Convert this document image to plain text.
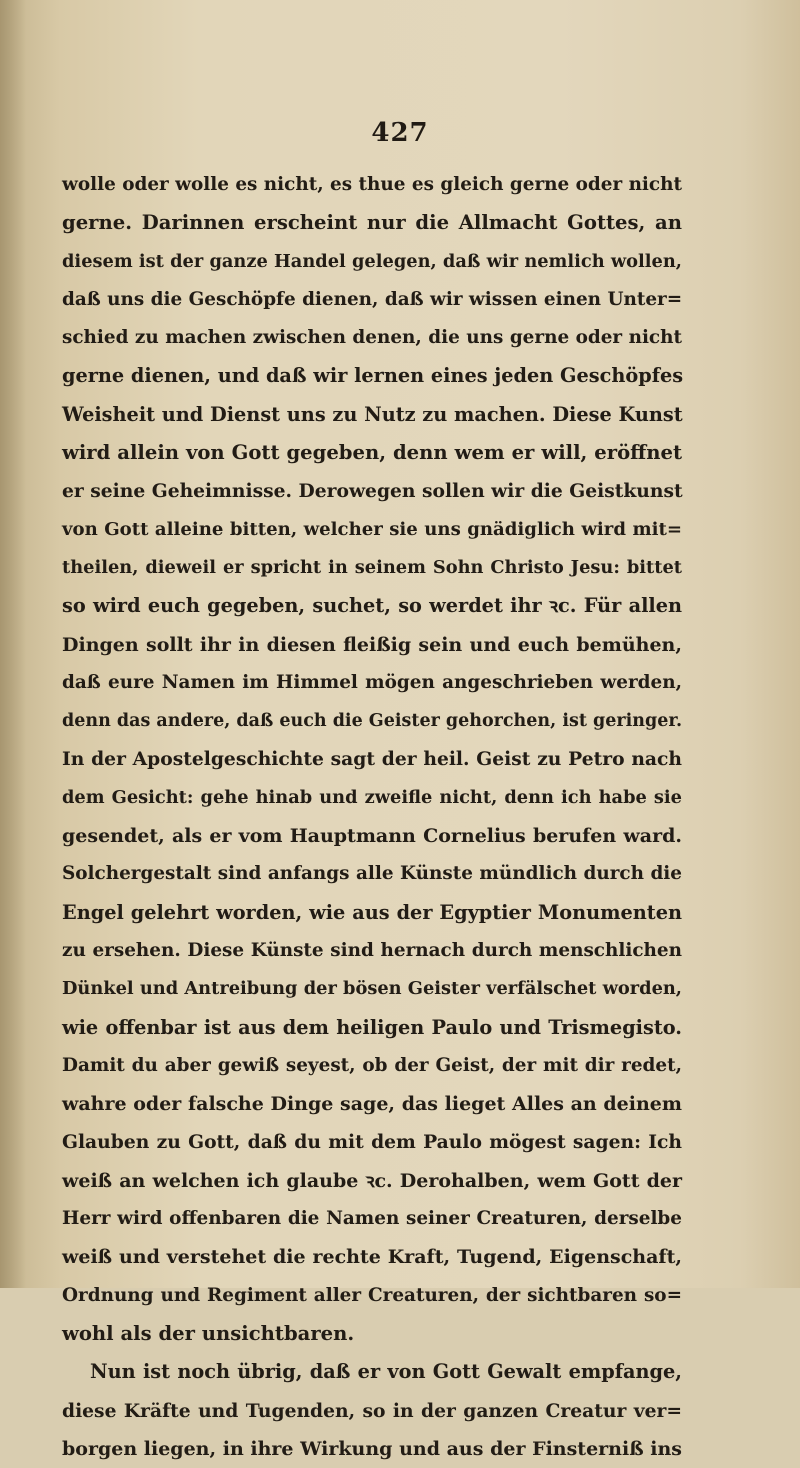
427
wolle oder wolle es nicht, es thue es gleich gerne oder nicht
gerne. Darinnen erscheint nur die Allmacht Gottes, an
diesem ist der ganze Handel gelegen, daß wir nemlich wollen,
daß uns die Geschöpfe dienen, daß wir wissen einen Unter=
schied zu machen zwischen denen, die uns gerne oder nicht
gerne dienen, und daß wir lernen eines jeden Geschöpfes
Weisheit und Dienst uns zu Nutz zu machen. Diese Kunst
wird allein von Gott gegeben, denn wem er will, eröffnet
er seine Geheimnisse. Derowegen sollen wir die Geistkunst
von Gott alleine bitten, welcher sie uns gnädiglich wird mit=
theilen, dieweil er spricht in seinem Sohn Christo Jesu: bittet
so wird euch gegeben, suchet, so werdet ihr ꝛc. Für allen
Dingen sollt ihr in diesen fleißig sein und euch bemühen,
daß eure Namen im Himmel mögen angeschrieben werden,
denn das andere, daß euch die Geister gehorchen, ist geringer.
In der Apostelgeschichte sagt der heil. Geist zu Petro nach
dem Gesicht: gehe hinab und zweifle nicht, denn ich habe sie
gesendet, als er vom Hauptmann Cornelius berufen ward.
Solchergestalt sind anfangs alle Künste mündlich durch die
Engel gelehrt worden, wie aus der Egyptier Monumenten
zu ersehen. Diese Künste sind hernach durch menschlichen
Dünkel und Antreibung der bösen Geister verfälschet worden,
wie offenbar ist aus dem heiligen Paulo und Trismegisto.
Damit du aber gewiß seyest, ob der Geist, der mit dir redet,
wahre oder falsche Dinge sage, das lieget Alles an deinem
Glauben zu Gott, daß du mit dem Paulo mögest sagen: Ich
weiß an welchen ich glaube ꝛc. Derohalben, wem Gott der
Herr wird offenbaren die Namen seiner Creaturen, derselbe
weiß und verstehet die rechte Kraft, Tugend, Eigenschaft,
Ordnung und Regiment aller Creaturen, der sichtbaren so=
wohl als der unsichtbaren.
Nun ist noch übrig, daß er von Gott Gewalt empfange,
diese Kräfte und Tugenden, so in der ganzen Creatur ver=
borgen liegen, in ihre Wirkung und aus der Finsterniß ins
